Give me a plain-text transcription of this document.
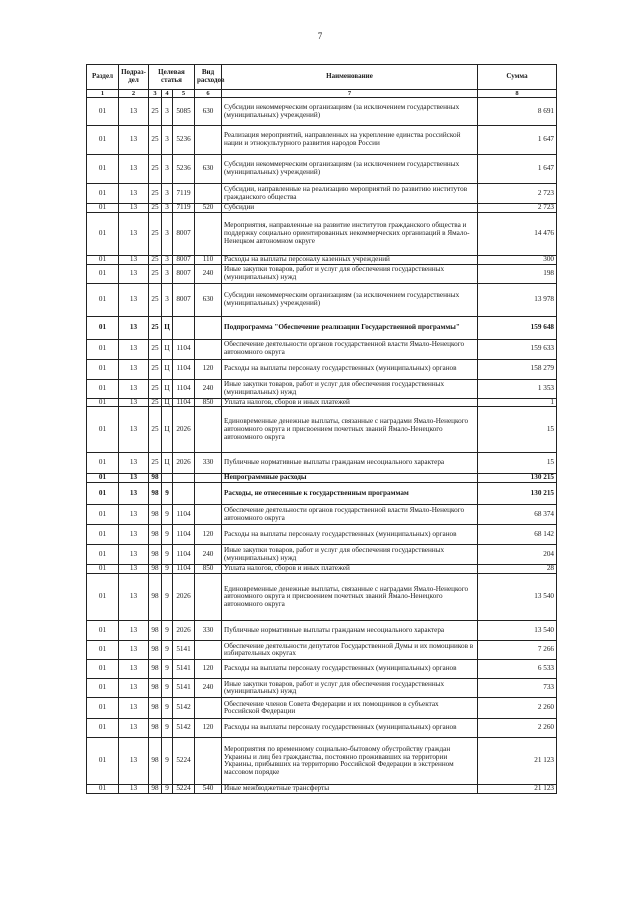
7
Раздел	Подраз-дел	Целевая статья			Вид расходов	Наименование	Сумма
1	2	3	4	5	6	7	8
01	13	25	3	5085	630	Субсидии некоммерческим организациям (за исключением государственных (муниципальных) учреждений)	8 691
01	13	25	3	5236		Реализация мероприятий, направленных на укрепление единства российской нации и этнокультурного развития народов России	1 647
01	13	25	3	5236	630	Субсидии некоммерческим организациям (за исключением государственных (муниципальных) учреждений)	1 647
01	13	25	3	7119		Субсидии, направленные на реализацию мероприятий по развитию институтов гражданского общества	2 723
01	13	25	3	7119	520	Субсидии	2 723
01	13	25	3	8007		Мероприятия, направленные на развитие институтов гражданского общества и поддержку социально ориентированных некоммерческих организаций в Ямало-Ненецком автономном округе	14 476
01	13	25	3	8007	110	Расходы на выплаты персоналу казенных учреждений	300
01	13	25	3	8007	240	Иные закупки товаров, работ и услуг для обеспечения государственных (муниципальных) нужд	198
01	13	25	3	8007	630	Субсидии некоммерческим организациям (за исключением государственных (муниципальных) учреждений)	13 978
01	13	25	Ц			Подпрограмма "Обеспечение реализации Государственной программы"	159 648
01	13	25	Ц	1104		Обеспечение деятельности органов государственной власти Ямало-Ненецкого автономного округа	159 633
01	13	25	Ц	1104	120	Расходы на выплаты персоналу государственных (муниципальных) органов	158 279
01	13	25	Ц	1104	240	Иные закупки товаров, работ и услуг для обеспечения государственных (муниципальных) нужд	1 353
01	13	25	Ц	1104	850	Уплата налогов, сборов и иных платежей	1
01	13	25	Ц	2026		Единовременные денежные выплаты, связанные с наградами Ямало-Ненецкого автономного округа и присвоением почетных званий Ямало-Ненецкого автономного округа	15
01	13	25	Ц	2026	330	Публичные нормативные выплаты гражданам несоциального характера	15
01	13	98				Непрограммные расходы	130 215
01	13	98	9			Расходы, не отнесенные к государственным программам	130 215
01	13	98	9	1104		Обеспечение деятельности органов государственной власти Ямало-Ненецкого автономного округа	68 374
01	13	98	9	1104	120	Расходы на выплаты персоналу государственных (муниципальных) органов	68 142
01	13	98	9	1104	240	Иные закупки товаров, работ и услуг для обеспечения государственных (муниципальных) нужд	204
01	13	98	9	1104	850	Уплата налогов, сборов и иных платежей	28
01	13	98	9	2026		Единовременные денежные выплаты, связанные с наградами Ямало-Ненецкого автономного округа и присвоением почетных званий Ямало-Ненецкого автономного округа	13 540
01	13	98	9	2026	330	Публичные нормативные выплаты гражданам несоциального характера	13 540
01	13	98	9	5141		Обеспечение деятельности депутатов Государственной Думы и их помощников в избирательных округах	7 266
01	13	98	9	5141	120	Расходы на выплаты персоналу государственных (муниципальных) органов	6 533
01	13	98	9	5141	240	Иные закупки товаров, работ и услуг для обеспечения государственных (муниципальных) нужд	733
01	13	98	9	5142		Обеспечение членов Совета Федерации и их помощников в субъектах Российской Федерации	2 260
01	13	98	9	5142	120	Расходы на выплаты персоналу государственных (муниципальных) органов	2 260
01	13	98	9	5224		Мероприятия по временному социально-бытовому обустройству граждан Украины и лиц без гражданства, постоянно проживавших на территории Украины, прибывших на территорию Российской Федерации в экстренном массовом порядке	21 123
01	13	98	9	5224	540	Иные межбюджетные трансферты	21 123
